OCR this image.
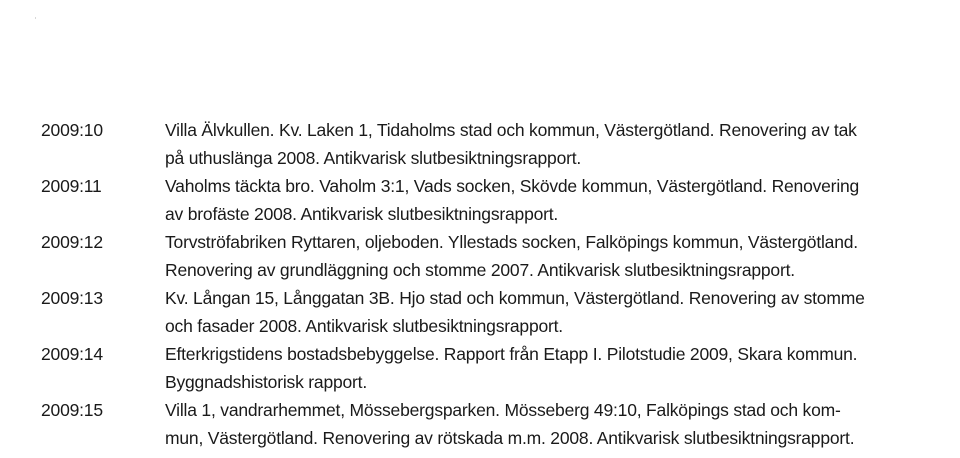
2009:10	Villa Älvkullen. Kv. Laken 1, Tidaholms stad och kommun, Västergötland. Renovering av tak
på uthuslänga 2008. Antikvarisk slutbesiktningsrapport.
2009:11	Vaholms täckta bro. Vaholm 3:1, Vads socken, Skövde kommun, Västergötland. Renovering
av brofäste 2008. Antikvarisk slutbesiktningsrapport.
2009:12	Torvströfabriken Ryttaren, oljeboden. Yllestads socken, Falköpings kommun, Västergötland.
Renovering av grundläggning och stomme 2007. Antikvarisk slutbesiktningsrapport.
2009:13	Kv. Långan 15, Långgatan 3B. Hjo stad och kommun, Västergötland. Renovering av stomme
och fasader 2008. Antikvarisk slutbesiktningsrapport.
2009:14	Efterkrigstidens bostadsbebyggelse. Rapport från Etapp I. Pilotstudie 2009, Skara kommun.
Byggnadshistorisk rapport.
2009:15	Villa 1, vandrarhemmet, Mössebergsparken. Mösseberg 49:10, Falköpings stad och kom-
mun, Västergötland. Renovering av rötskada m.m. 2008. Antikvarisk slutbesiktningsrapport.
